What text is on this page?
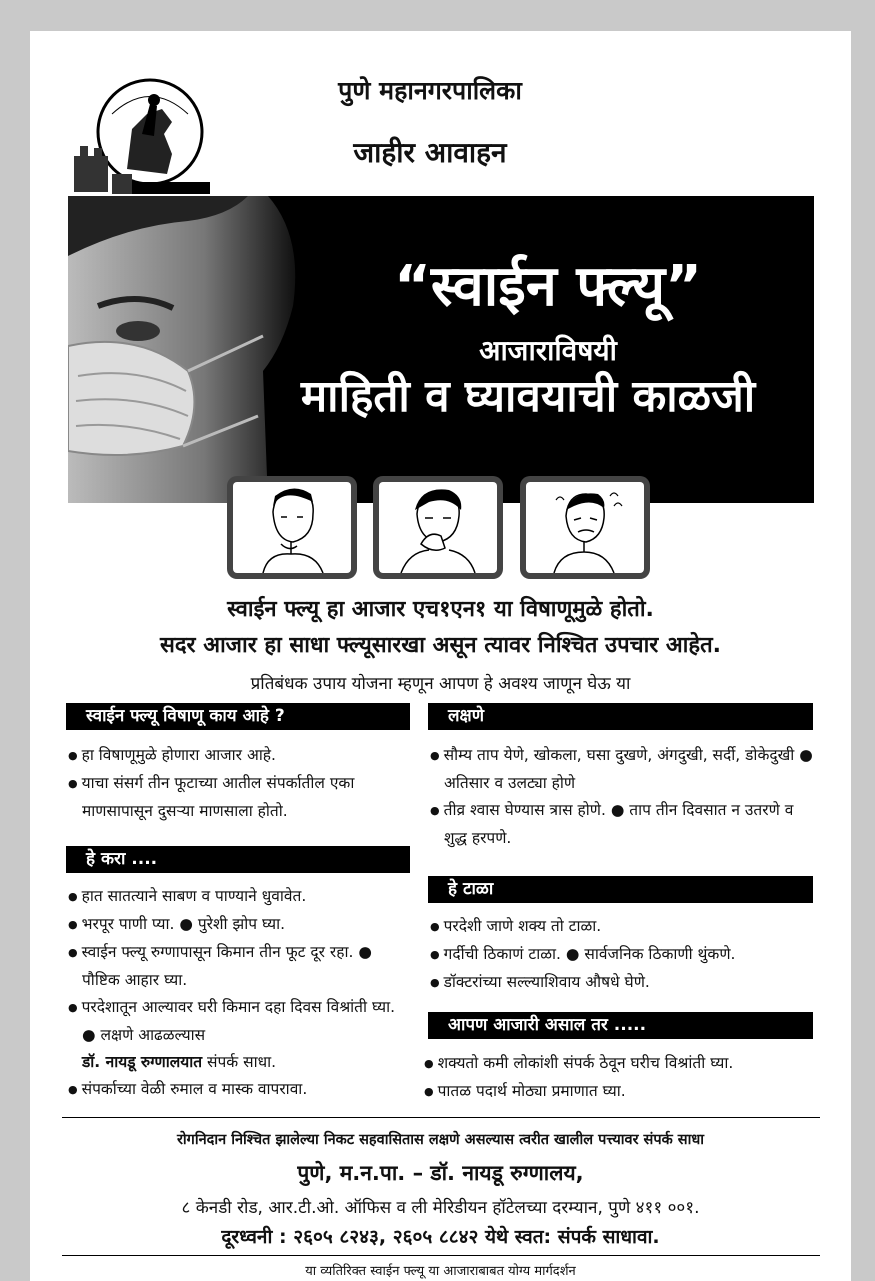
पुणे महानगरपालिका
जाहीर आवाहन
“स्वाईन फ्ल्यू”
आजाराविषयी
माहिती व घ्यावयाची काळजी
स्वाईन फ्ल्यू हा आजार एच१एन१ या विषाणूमुळे होतो.
सदर आजार हा साधा फ्ल्यूसारखा असून त्यावर निश्चित उपचार आहेत.
प्रतिबंधक उपाय योजना म्हणून आपण हे अवश्य जाणून घेऊ या
स्वाईन फ्ल्यू विषाणू काय आहे ?
● हा विषाणूमुळे होणारा आजार आहे.
● याचा संसर्ग तीन फूटाच्या आतील संपर्कातील एका माणसापासून दुसऱ्या माणसाला होतो.
हे करा ....
● हात सातत्याने साबण व पाण्याने धुवावेत.
● भरपूर पाणी प्या. ● पुरेशी झोप घ्या.
● स्वाईन फ्ल्यू रुग्णापासून किमान तीन फूट दूर रहा. ● पौष्टिक आहार घ्या.
● परदेशातून आल्यावर घरी किमान दहा दिवस विश्रांती घ्या. ● लक्षणे आढळल्यास
डॉ. नायडू रुग्णालयात संपर्क साधा.
● संपर्काच्या वेळी रुमाल व मास्क वापरावा.
लक्षणे
● सौम्य ताप येणे, खोकला, घसा दुखणे, अंगदुखी, सर्दी, डोकेदुखी ● अतिसार व उलट्या होणे
● तीव्र श्वास घेण्यास त्रास होणे. ● ताप तीन दिवसात न उतरणे व शुद्ध हरपणे.
हे टाळा
● परदेशी जाणे शक्य तो टाळा.
● गर्दीची ठिकाणं टाळा. ● सार्वजनिक ठिकाणी थुंकणे.
● डॉक्टरांच्या सल्ल्याशिवाय औषधे घेणे.
आपण आजारी असाल तर .....
● शक्यतो कमी लोकांशी संपर्क ठेवून घरीच विश्रांती घ्या.
● पातळ पदार्थ मोठ्या प्रमाणात घ्या.
रोगनिदान निश्चित झालेल्या निकट सहवासितास लक्षणे असल्यास त्वरीत खालील पत्त्यावर संपर्क साधा
पुणे, म.न.पा. – डॉ. नायडू रुग्णालय,
८ केनडी रोड, आर.टी.ओ. ऑफिस व ली मेरिडीयन हॉटेलच्या दरम्यान, पुणे ४११ ००१.
दूरध्वनी : २६०५ ८२४३, २६०५ ८८४२ येथे स्वत: संपर्क साधावा.
या व्यतिरिक्त स्वाईन फ्ल्यू या आजाराबाबत योग्य मार्गदर्शन
